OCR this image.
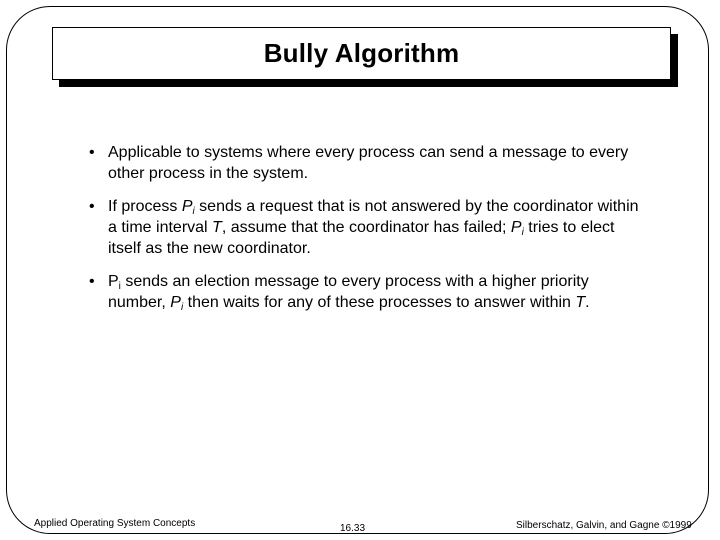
Bully Algorithm
• Applicable to systems where every process can send a message to every other process in the system.
• If process $P_i$ sends a request that is not answered by the coordinator within a time interval T, assume that the coordinator has failed; $P_i$ tries to elect itself as the new coordinator.
• $P_i$ sends an election message to every process with a higher priority number, $P_i$ then waits for any of these processes to answer within T.
Applied Operating System Concepts	16.33	Silberschatz, Galvin, and Gagne ©1999
